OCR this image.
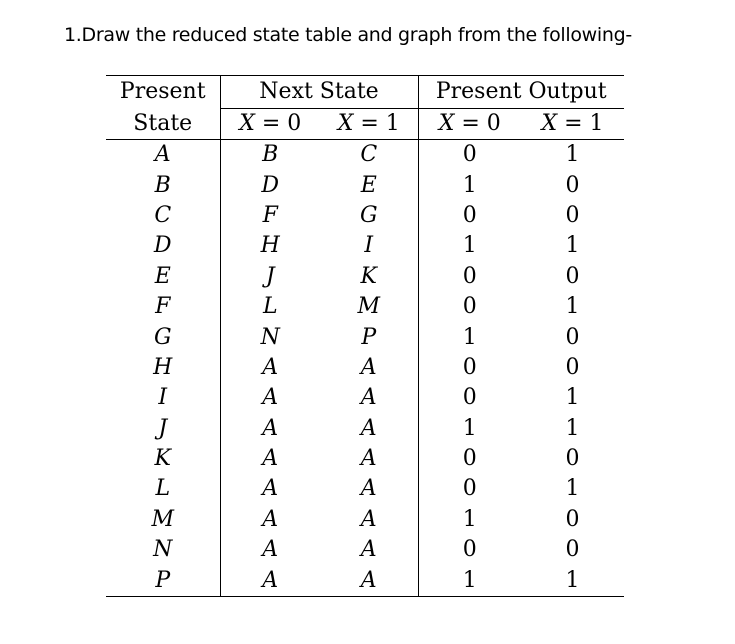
1.Draw the reduced state table and graph from the following-
Present	Next State		Present Output	
State	X = 0	X = 1	X = 0	X = 1
A	B	C	0	1
B	D	E	1	0
C	F	G	0	0
D	H	I	1	1
E	J	K	0	0
F	L	M	0	1
G	N	P	1	0
H	A	A	0	0
I	A	A	0	1
J	A	A	1	1
K	A	A	0	0
L	A	A	0	1
M	A	A	1	0
N	A	A	0	0
P	A	A	1	1
